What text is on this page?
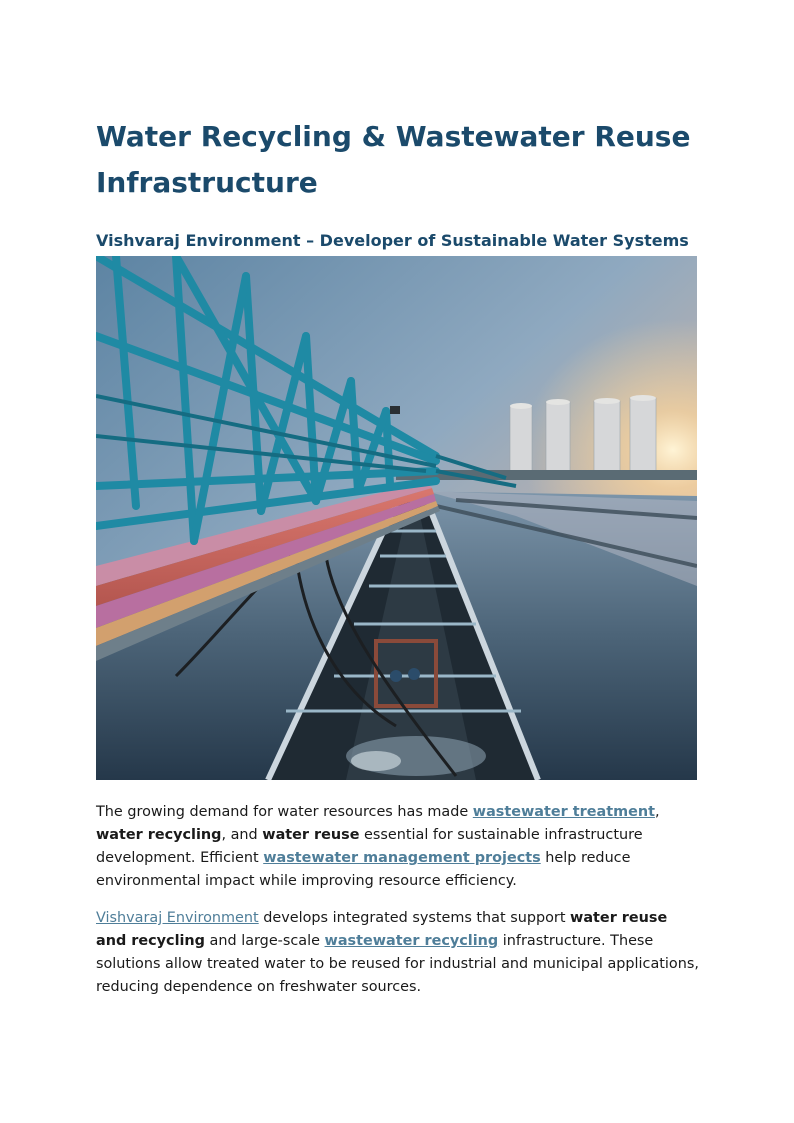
Water Recycling & Wastewater Reuse Infrastructure
Vishvaraj Environment – Developer of Sustainable Water Systems

The growing demand for water resources has made wastewater treatment, water recycling, and water reuse essential for sustainable infrastructure development. Efficient wastewater management projects help reduce environmental impact while improving resource efficiency.

Vishvaraj Environment develops integrated systems that support water reuse and recycling and large-scale wastewater recycling infrastructure. These solutions allow treated water to be reused for industrial and municipal applications, reducing dependence on freshwater sources.
